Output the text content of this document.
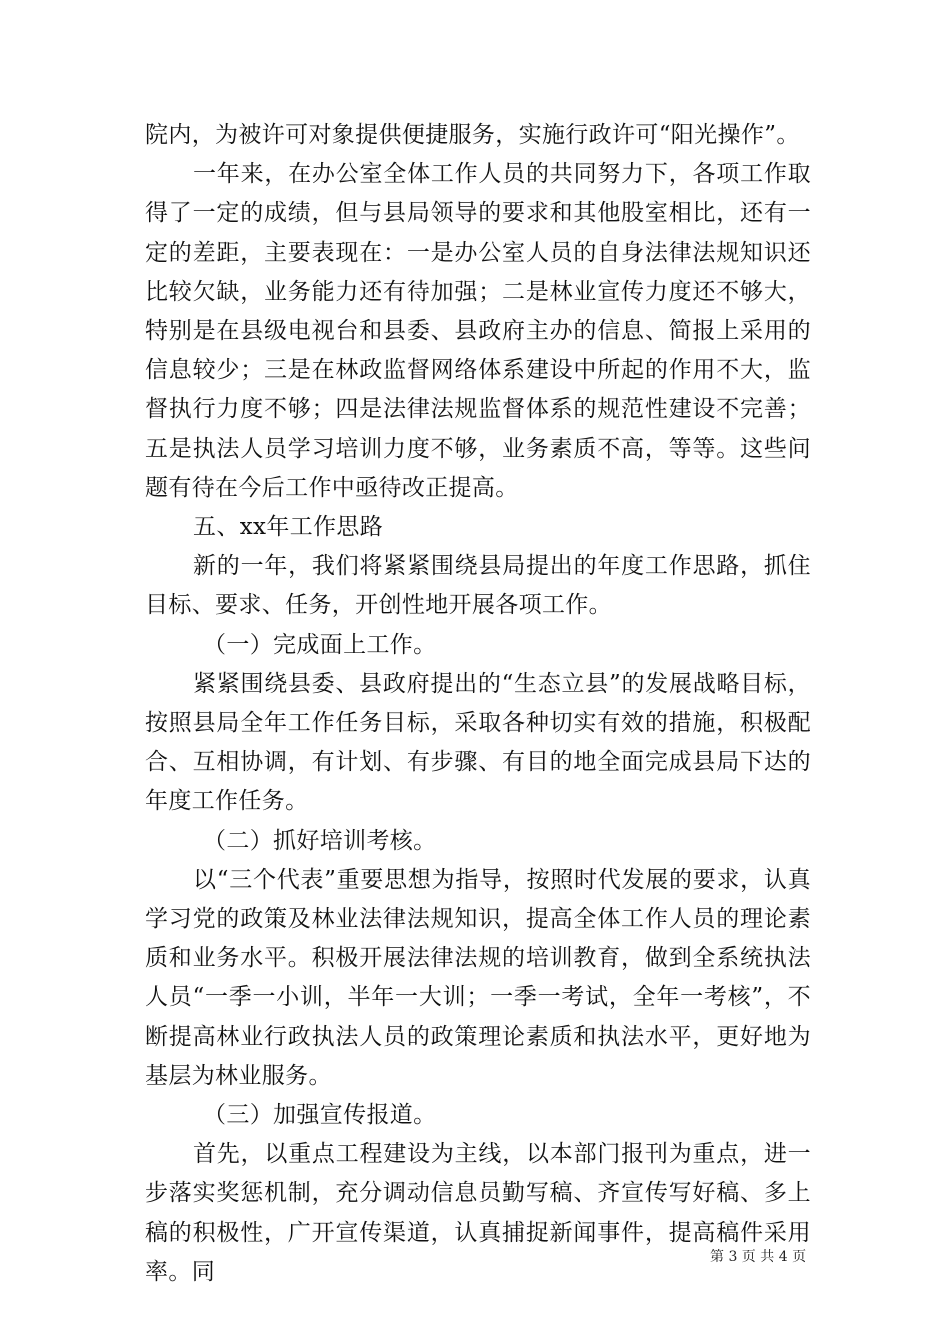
院内，为被许可对象提供便捷服务，实施行政许可“阳光操作”。

一年来，在办公室全体工作人员的共同努力下，各项工作取得了一定的成绩，但与县局领导的要求和其他股室相比，还有一定的差距，主要表现在：一是办公室人员的自身法律法规知识还比较欠缺，业务能力还有待加强；二是林业宣传力度还不够大，特别是在县级电视台和县委、县政府主办的信息、简报上采用的信息较少；三是在林政监督网络体系建设中所起的作用不大，监督执行力度不够；四是法律法规监督体系的规范性建设不完善；五是执法人员学习培训力度不够，业务素质不高，等等。这些问题有待在今后工作中亟待改正提高。

五、xx年工作思路

新的一年，我们将紧紧围绕县局提出的年度工作思路，抓住目标、要求、任务，开创性地开展各项工作。

（一）完成面上工作。

紧紧围绕县委、县政府提出的“生态立县”的发展战略目标，按照县局全年工作任务目标，采取各种切实有效的措施，积极配合、互相协调，有计划、有步骤、有目的地全面完成县局下达的年度工作任务。

（二）抓好培训考核。

以“三个代表”重要思想为指导，按照时代发展的要求，认真学习党的政策及林业法律法规知识，提高全体工作人员的理论素质和业务水平。积极开展法律法规的培训教育，做到全系统执法人员“一季一小训，半年一大训；一季一考试，全年一考核”，不断提高林业行政执法人员的政策理论素质和执法水平，更好地为基层为林业服务。

（三）加强宣传报道。

首先，以重点工程建设为主线，以本部门报刊为重点，进一步落实奖惩机制，充分调动信息员勤写稿、齐宣传写好稿、多上稿的积极性，广开宣传渠道，认真捕捉新闻事件，提高稿件采用率。同

第 3 页 共 4 页
